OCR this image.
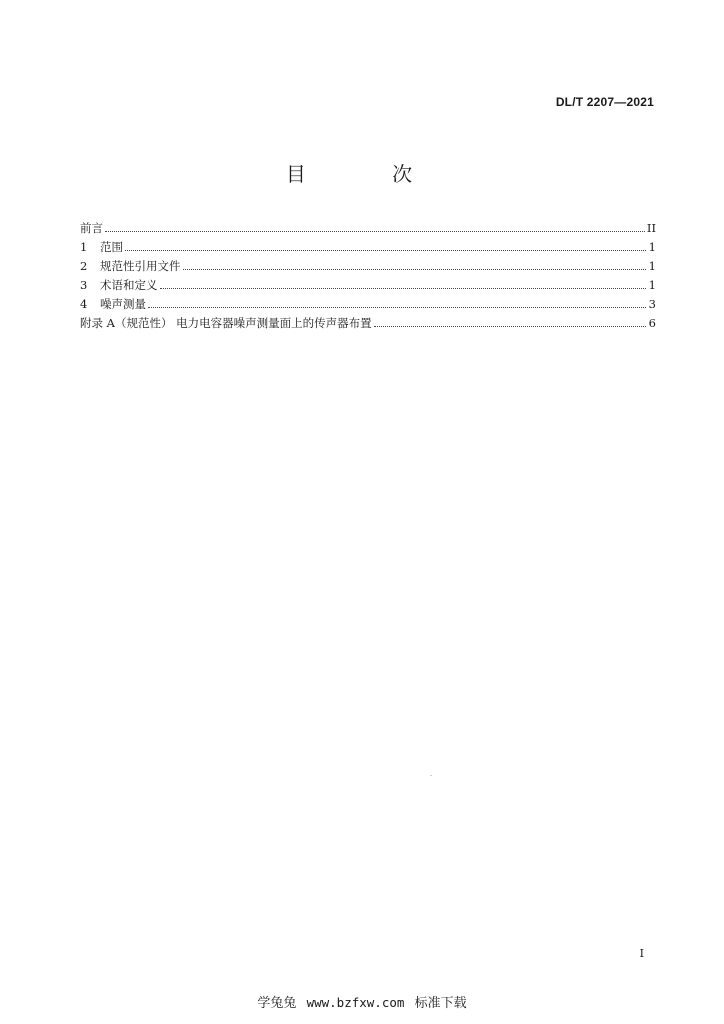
DL/T 2207—2021
目 次
前言	II
1	范围	1
2	规范性引用文件	1
3	术语和定义	1
4	噪声测量	3
附录 A（规范性） 电力电容器噪声测量面上的传声器布置	6
I
学兔兔 www.bzfxw.com 标准下载
